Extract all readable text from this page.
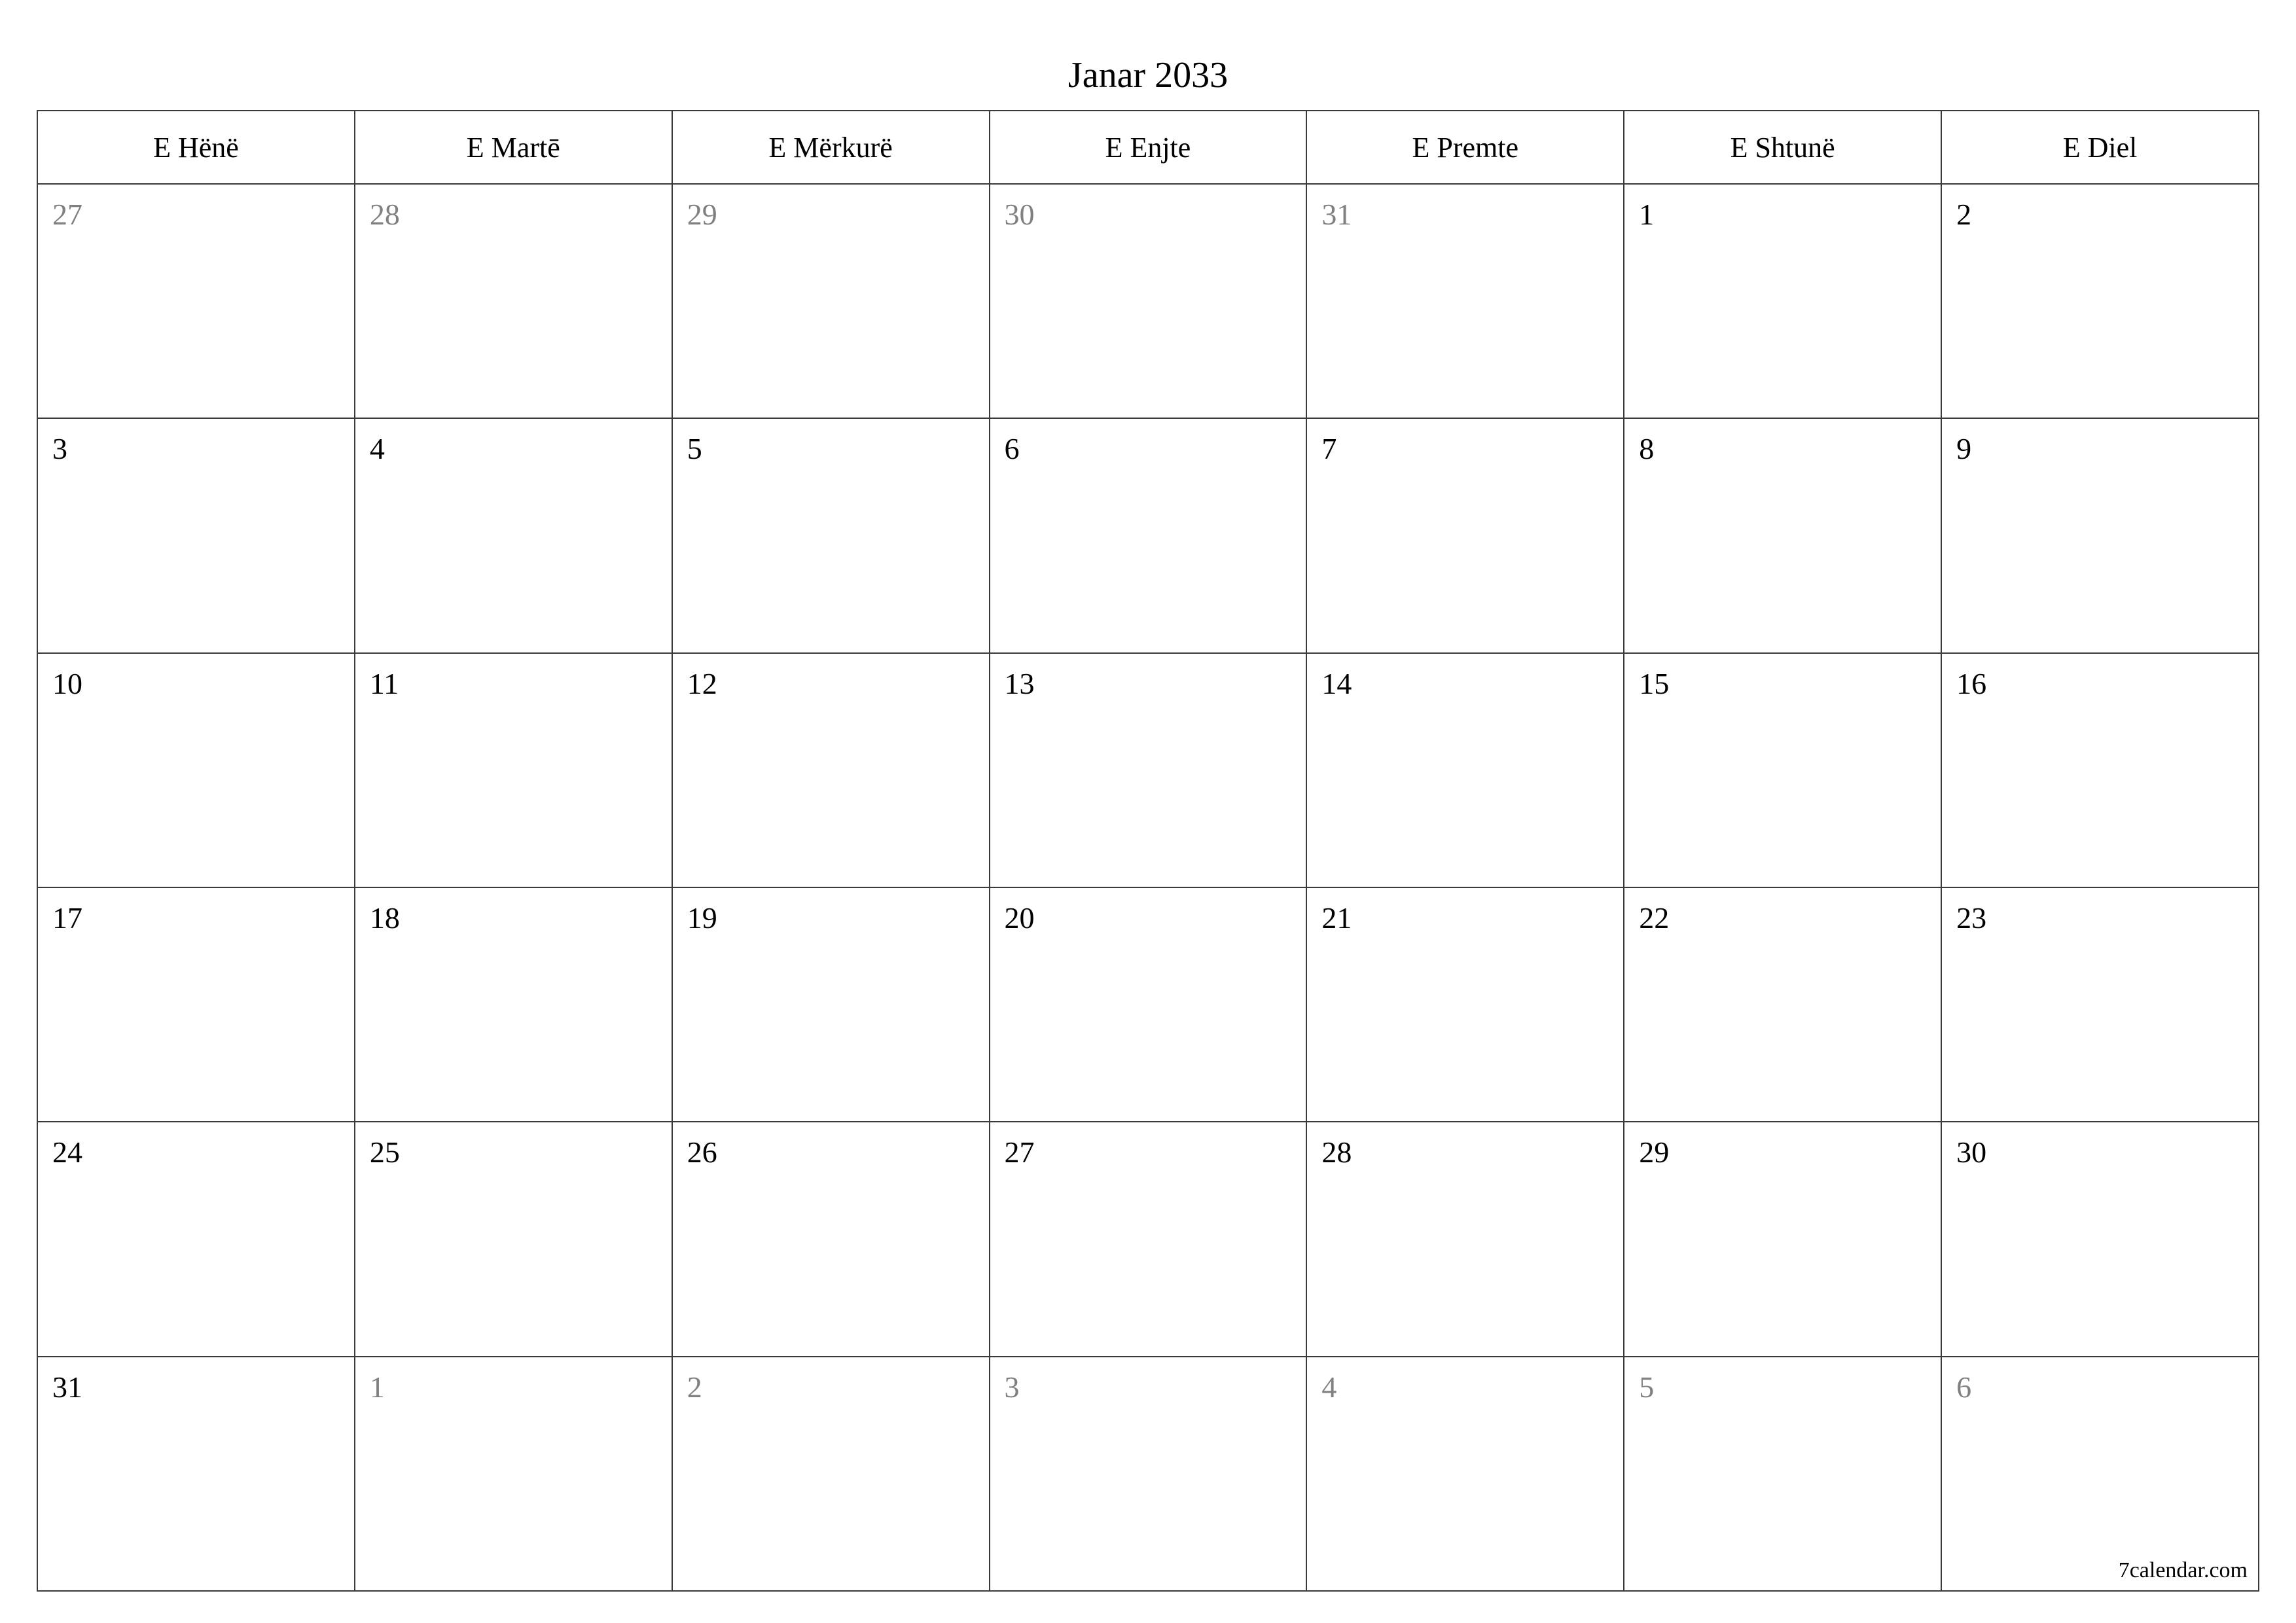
Janar 2033
E Hënë	E Martē	E Mërkurë	E Enjte	E Premte	E Shtunë	E Diel

27	28	29	30	31	1	2

3	4	5	6	7	8	9

10	11	12	13	14	15	16

17	18	19	20	21	22	23

24	25	26	27	28	29	30

31	1	2	3	4	5	6
7calendar.com
